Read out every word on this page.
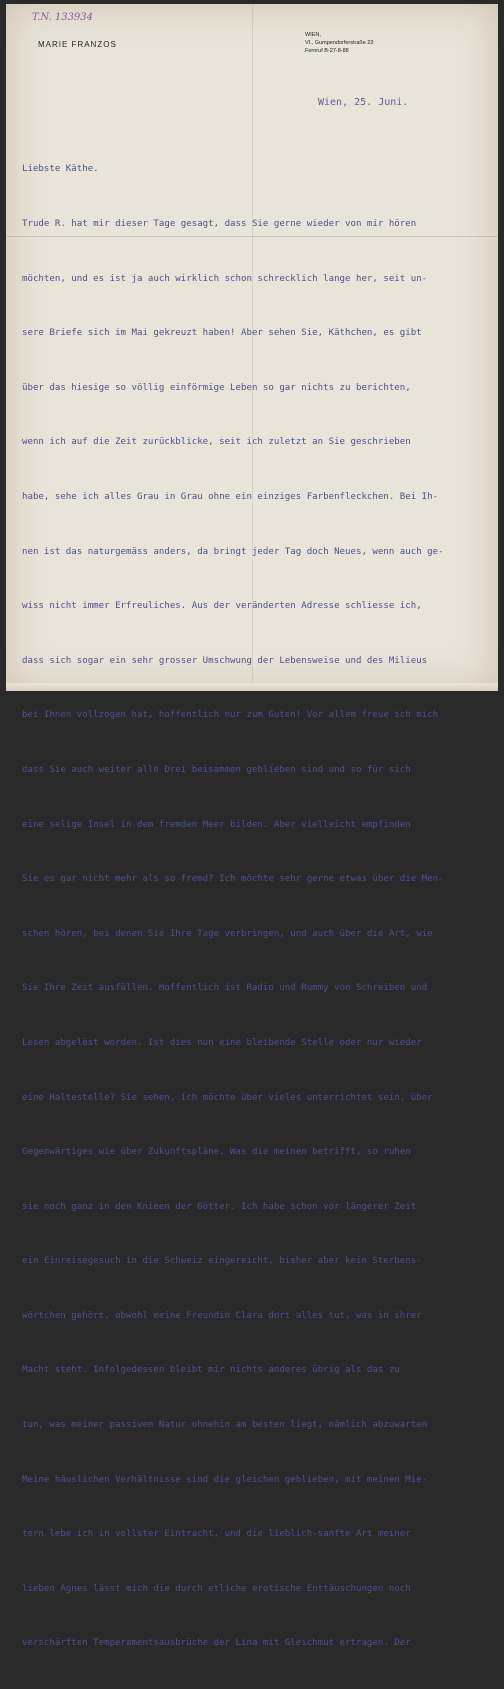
T.N. 133934
MARIE FRANZOS
WIEN,
VI., Gumpendorferstraße 23
Fernruf B-27-8-88
Wien, 25. Juni.

Liebste Käthe.

Trude R. hat mir dieser Tage gesagt, dass Sie gerne wieder von mir hören

möchten, und es ist ja auch wirklich schon schrecklich lange her, seit un-

sere Briefe sich im Mai gekreuzt haben! Aber sehen Sie, Käthchen, es gibt

über das hiesige so völlig einförmige Leben so gar nichts zu berichten,

wenn ich auf die Zeit zurückblicke, seit ich zuletzt an Sie geschrieben

habe, sehe ich alles Grau in Grau ohne ein einziges Farbenfleckchen. Bei Ih-

nen ist das naturgemäss anders, da bringt jeder Tag doch Neues, wenn auch ge-

wiss nicht immer Erfreuliches. Aus der veränderten Adresse schliesse ich,

dass sich sogar ein sehr grosser Umschwung der Lebensweise und des Milieus

bei Ihnen vollzogen hat, hoffentlich nur zum Guten! Vor allem freue ich mich

dass Sie auch weiter alle Drei beisammen geblieben sind und so für sich

eine selige Insel in dem fremden Meer bilden. Aber vielleicht empfinden

Sie es gar nicht mehr als so fremd? Ich möchte sehr gerne etwas über die Men-

schen hören, bei denen Sie Ihre Tage verbringen, und auch über die Art, wie

Sie Ihre Zeit ausfüllen. Hoffentlich ist Radio und Rummy von Schreiben und

Lesen abgelöst worden. Ist dies nun eine bleibende Stelle oder nur wieder

eine Haltestelle? Sie sehen, ich möchte über vieles unterrichtet sein, über

Gegenwärtiges wie über Zukunftspläne. Was die meinen betrifft, so ruhen

sie noch ganz in den Knieen der Götter. Ich habe schon vor längerer Zeit

ein Einreisegesuch in die Schweiz eingereicht, bisher aber kein Sterbens-

wörtchen gehört, obwohl meine Freundin Clara dort alles tut, was in ihrer

Macht steht. Infolgedessen bleibt mir nichts anderes übrig als das zu

tun, was meiner passiven Natur ohnehin am besten liegt, nämlich abzuwarten

Meine häuslichen Verhältnisse sind die gleichen geblieben, mit meinen Mie-

tern lebe ich in vollster Eintracht, und die lieblich-sanfte Art meiner

lieben Agnes lässt mich die durch etliche erotische Enttäuschungen noch

verschärften Temperamentsausbrüche der Lina mit Gleichmut ertragen. Der
